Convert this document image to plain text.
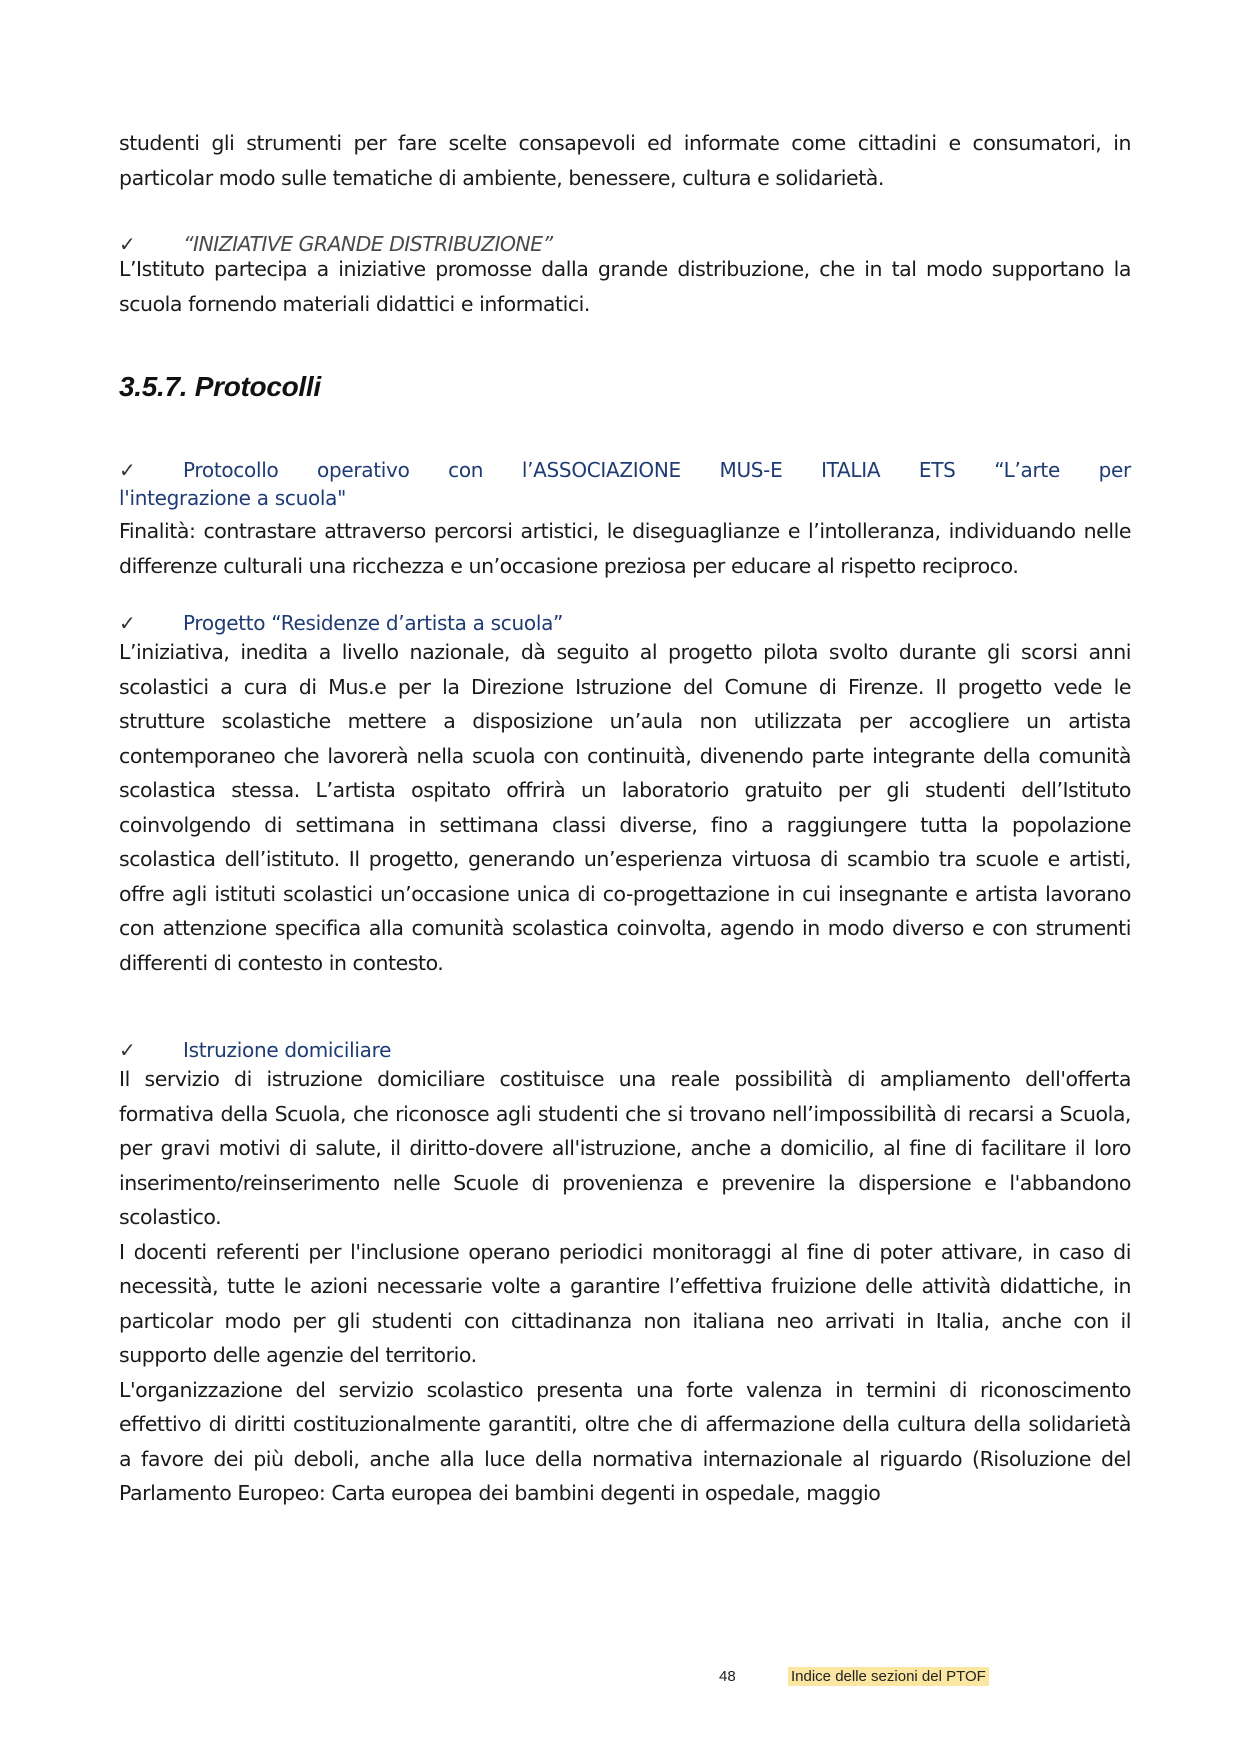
studenti gli strumenti per fare scelte consapevoli ed informate come cittadini e consumatori, in particolar modo sulle tematiche di ambiente, benessere, cultura e solidarietà.

✓	“INIZIATIVE GRANDE DISTRIBUZIONE”

L’Istituto partecipa a iniziative promosse dalla grande distribuzione, che in tal modo supportano la scuola fornendo materiali didattici e informatici.

3.5.7. Protocolli
✓	Protocollo operativo con l’ASSOCIAZIONE MUS-E ITALIA ETS “L’arte per

l'integrazione a scuola"

Finalità: contrastare attraverso percorsi artistici, le diseguaglianze e l’intolleranza, individuando nelle differenze culturali una ricchezza e un’occasione preziosa per educare al rispetto reciproco.

✓	Progetto “Residenze d’artista a scuola”

L’iniziativa, inedita a livello nazionale, dà seguito al progetto pilota svolto durante gli scorsi anni scolastici a cura di Mus.e per la Direzione Istruzione del Comune di Firenze. Il progetto vede le strutture scolastiche mettere a disposizione un’aula non utilizzata per accogliere un artista contemporaneo che lavorerà nella scuola con continuità, divenendo parte integrante della comunità scolastica stessa. L’artista ospitato offrirà un laboratorio gratuito per gli studenti dell’Istituto coinvolgendo di settimana in settimana classi diverse, fino a raggiungere tutta la popolazione scolastica dell’istituto. Il progetto, generando un’esperienza virtuosa di scambio tra scuole e artisti, offre agli istituti scolastici un’occasione unica di co-progettazione in cui insegnante e artista lavorano con attenzione specifica alla comunità scolastica coinvolta, agendo in modo diverso e con strumenti differenti di contesto in contesto.

✓	Istruzione domiciliare

Il servizio di istruzione domiciliare costituisce una reale possibilità di ampliamento dell'offerta formativa della Scuola, che riconosce agli studenti che si trovano nell’impossibilità di recarsi a Scuola, per gravi motivi di salute, il diritto-dovere all'istruzione, anche a domicilio, al fine di facilitare il loro inserimento/reinserimento nelle Scuole di provenienza e prevenire la dispersione e l'abbandono scolastico.

I docenti referenti per l'inclusione operano periodici monitoraggi al fine di poter attivare, in caso di necessità, tutte le azioni necessarie volte a garantire l’effettiva fruizione delle attività didattiche, in particolar modo per gli studenti con cittadinanza non italiana neo arrivati in Italia, anche con il supporto delle agenzie del territorio.

L'organizzazione del servizio scolastico presenta una forte valenza in termini di riconoscimento effettivo di diritti costituzionalmente garantiti, oltre che di affermazione della cultura della solidarietà a favore dei più deboli, anche alla luce della normativa internazionale al riguardo (Risoluzione del Parlamento Europeo: Carta europea dei bambini degenti in ospedale, maggio

48	Indice delle sezioni del PTOF
